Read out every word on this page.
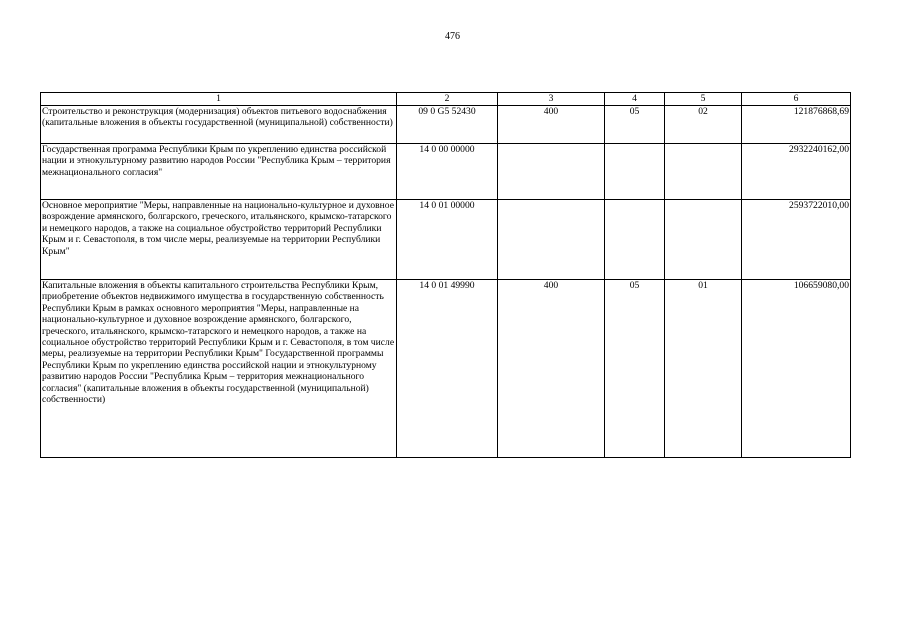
476
1	2	3	4	5	6
Строительство и реконструкция (модернизация) объектов питьевого водоснабжения (капитальные вложения в объекты государственной (муниципальной) собственности)	09 0 G5 52430	400	05	02	121876868,69
Государственная программа Республики Крым по укреплению единства российской нации и этнокультурному развитию народов России "Республика Крым – территория межнационального согласия"	14 0 00 00000				2932240162,00
Основное мероприятие "Меры, направленные на национально-культурное и духовное возрождение армянского, болгарского, греческого, итальянского, крымско-татарского и немецкого народов, а также на социальное обустройство территорий Республики Крым и г. Севастополя, в том числе меры, реализуемые на территории Республики Крым"	14 0 01 00000				2593722010,00
Капитальные вложения в объекты капитального строительства Республики Крым, приобретение объектов недвижимого имущества в государственную собственность Республики Крым в рамках основного мероприятия "Меры, направленные на национально-культурное и духовное возрождение армянского, болгарского, греческого, итальянского, крымско-татарского и немецкого народов, а также на социальное обустройство территорий Республики Крым и г. Севастополя, в том числе меры, реализуемые на территории Республики Крым" Государственной программы Республики Крым по укреплению единства российской нации и этнокультурному развитию народов России "Республика Крым – территория межнационального согласия" (капитальные вложения в объекты государственной (муниципальной) собственности)	14 0 01 49990	400	05	01	106659080,00
